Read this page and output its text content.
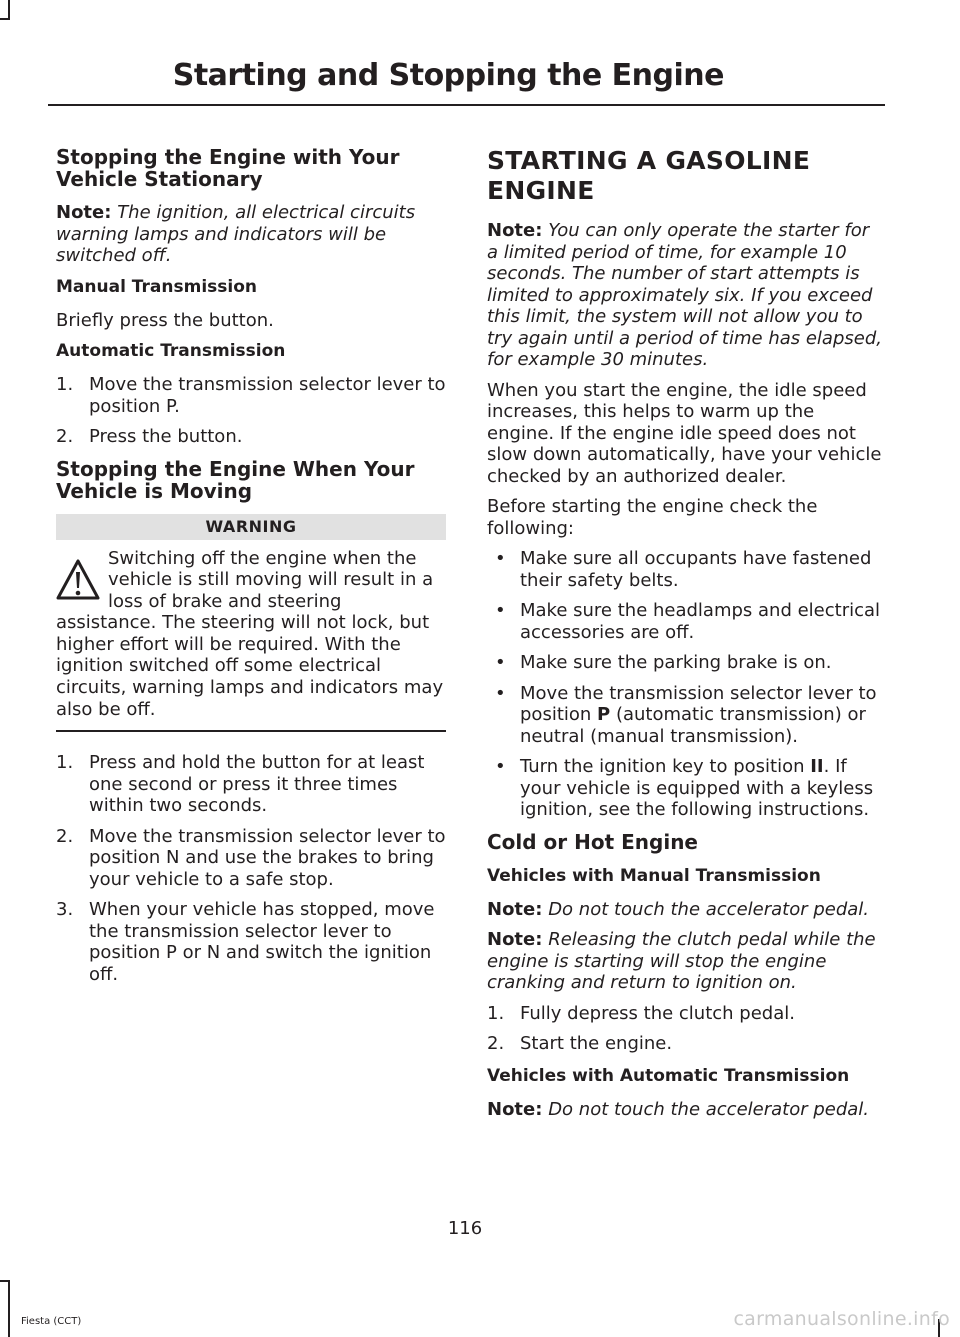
Starting and Stopping the Engine
Stopping the Engine with Your Vehicle Stationary

Note: The ignition, all electrical circuits warning lamps and indicators will be switched off.

Manual Transmission

Briefly press the button.

Automatic Transmission
1. Move the transmission selector lever to position P.
2. Press the button.
Stopping the Engine When Your Vehicle is Moving
WARNING
Switching off the engine when the vehicle is still moving will result in a loss of brake and steering assistance. The steering will not lock, but higher effort will be required. With the ignition switched off some electrical circuits, warning lamps and indicators may also be off.
1. Press and hold the button for at least one second or press it three times within two seconds.
2. Move the transmission selector lever to position N and use the brakes to bring your vehicle to a safe stop.
3. When your vehicle has stopped, move the transmission selector lever to position P or N and switch the ignition off.
STARTING A GASOLINE ENGINE

Note: You can only operate the starter for a limited period of time, for example 10 seconds. The number of start attempts is limited to approximately six. If you exceed this limit, the system will not allow you to try again until a period of time has elapsed, for example 30 minutes.

When you start the engine, the idle speed increases, this helps to warm up the engine. If the engine idle speed does not slow down automatically, have your vehicle checked by an authorized dealer.

Before starting the engine check the following:

• Make sure all occupants have fastened their safety belts.
• Make sure the headlamps and electrical accessories are off.
• Make sure the parking brake is on.
• Move the transmission selector lever to position P (automatic transmission) or neutral (manual transmission).
• Turn the ignition key to position II. If your vehicle is equipped with a keyless ignition, see the following instructions.
Cold or Hot Engine
Vehicles with Manual Transmission

Note: Do not touch the accelerator pedal.

Note: Releasing the clutch pedal while the engine is starting will stop the engine cranking and return to ignition on.

1. Fully depress the clutch pedal.
2. Start the engine.
Vehicles with Automatic Transmission

Note: Do not touch the accelerator pedal.

116
Fiesta (CCT)	carmanualsonline.info
